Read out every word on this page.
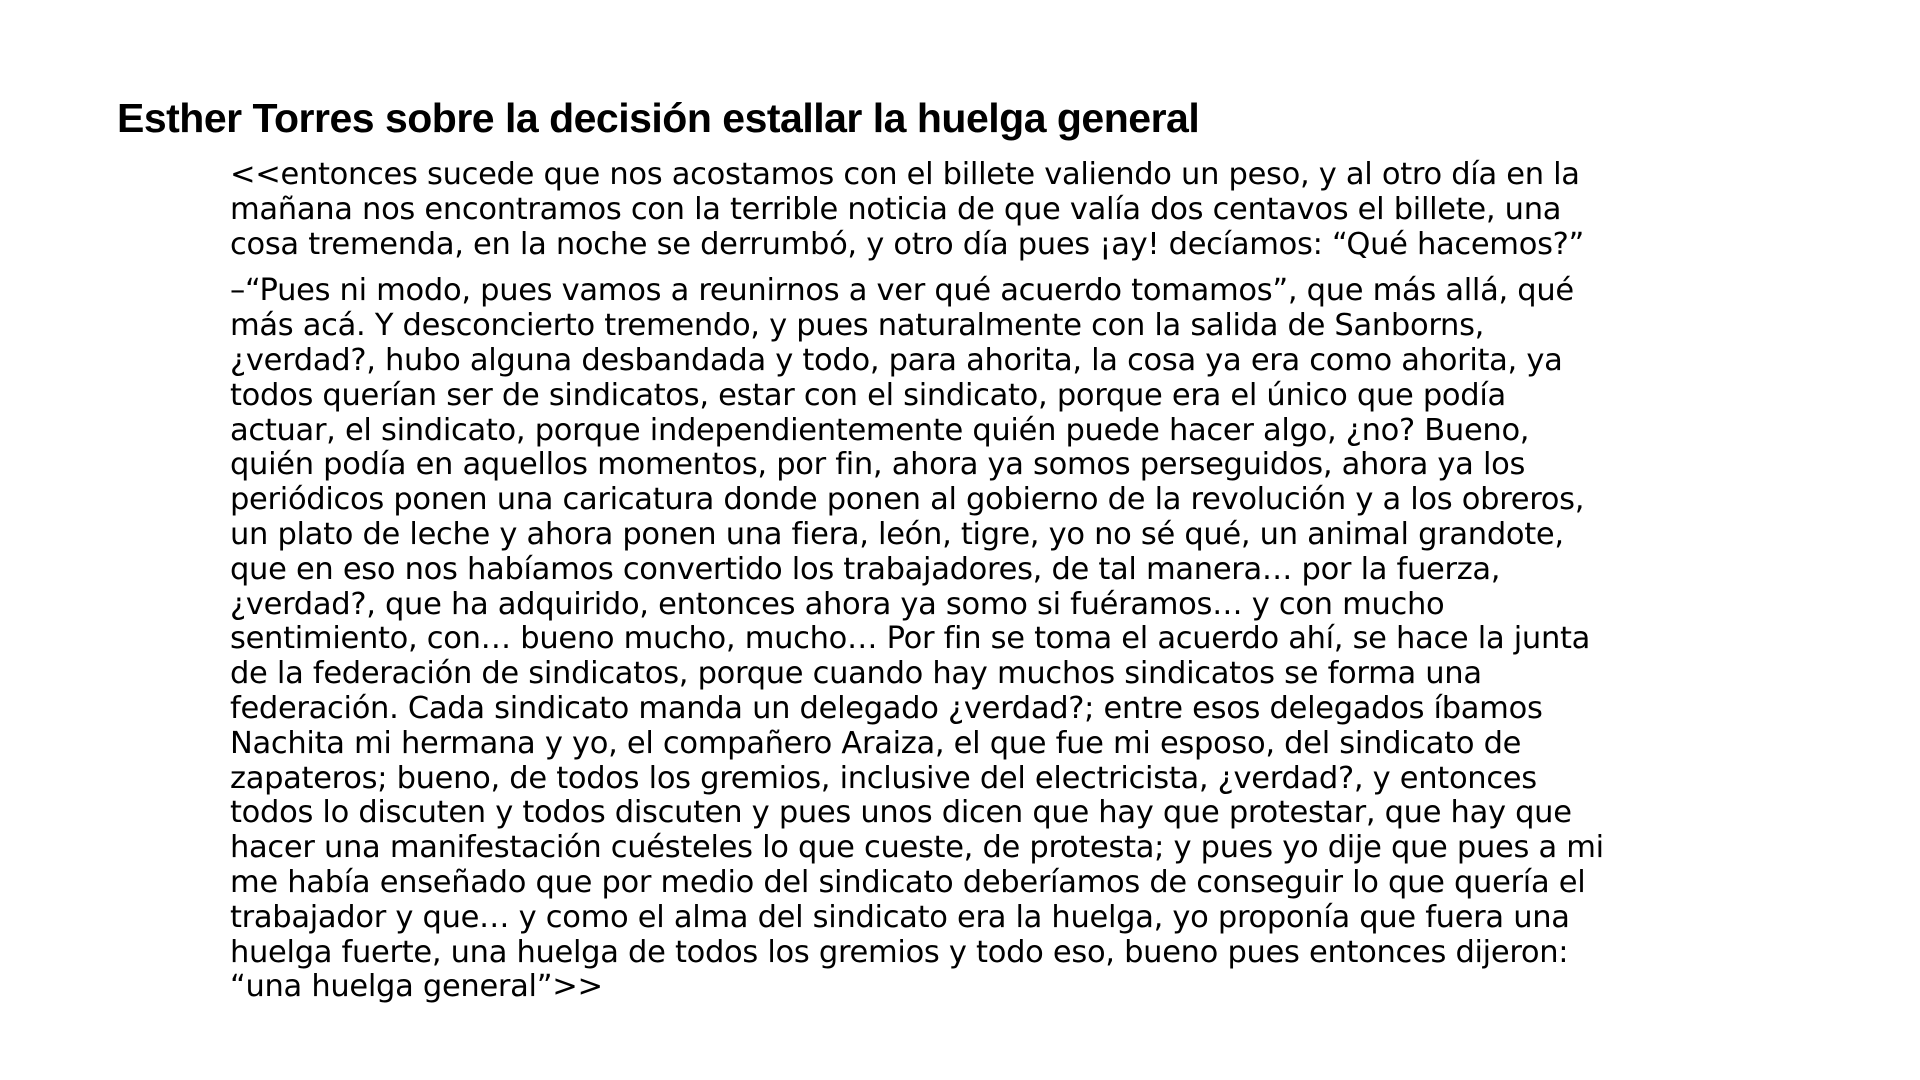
Esther Torres sobre la decisión estallar la huelga general

<<entonces sucede que nos acostamos con el billete valiendo un peso, y al otro día en la
mañana nos encontramos con la terrible noticia de que valía dos centavos el billete, una
cosa tremenda, en la noche se derrumbó, y otro día pues ¡ay! decíamos: “Qué hacemos?”

–“Pues ni modo, pues vamos a reunirnos a ver qué acuerdo tomamos”, que más allá, qué
más acá. Y desconcierto tremendo, y pues naturalmente con la salida de Sanborns,
¿verdad?, hubo alguna desbandada y todo, para ahorita, la cosa ya era como ahorita, ya
todos querían ser de sindicatos, estar con el sindicato, porque era el único que podía
actuar, el sindicato, porque independientemente quién puede hacer algo, ¿no? Bueno,
quién podía en aquellos momentos, por fin, ahora ya somos perseguidos, ahora ya los
periódicos ponen una caricatura donde ponen al gobierno de la revolución y a los obreros,
un plato de leche y ahora ponen una fiera, león, tigre, yo no sé qué, un animal grandote,
que en eso nos habíamos convertido los trabajadores, de tal manera… por la fuerza,
¿verdad?, que ha adquirido, entonces ahora ya somo si fuéramos… y con mucho
sentimiento, con… bueno mucho, mucho… Por fin se toma el acuerdo ahí, se hace la junta
de la federación de sindicatos, porque cuando hay muchos sindicatos se forma una
federación. Cada sindicato manda un delegado ¿verdad?; entre esos delegados íbamos
Nachita mi hermana y yo, el compañero Araiza, el que fue mi esposo, del sindicato de
zapateros; bueno, de todos los gremios, inclusive del electricista, ¿verdad?, y entonces
todos lo discuten y todos discuten y pues unos dicen que hay que protestar, que hay que
hacer una manifestación cuésteles lo que cueste, de protesta; y pues yo dije que pues a mi
me había enseñado que por medio del sindicato deberíamos de conseguir lo que quería el
trabajador y que… y como el alma del sindicato era la huelga, yo proponía que fuera una
huelga fuerte, una huelga de todos los gremios y todo eso, bueno pues entonces dijeron:
“una huelga general”>>
